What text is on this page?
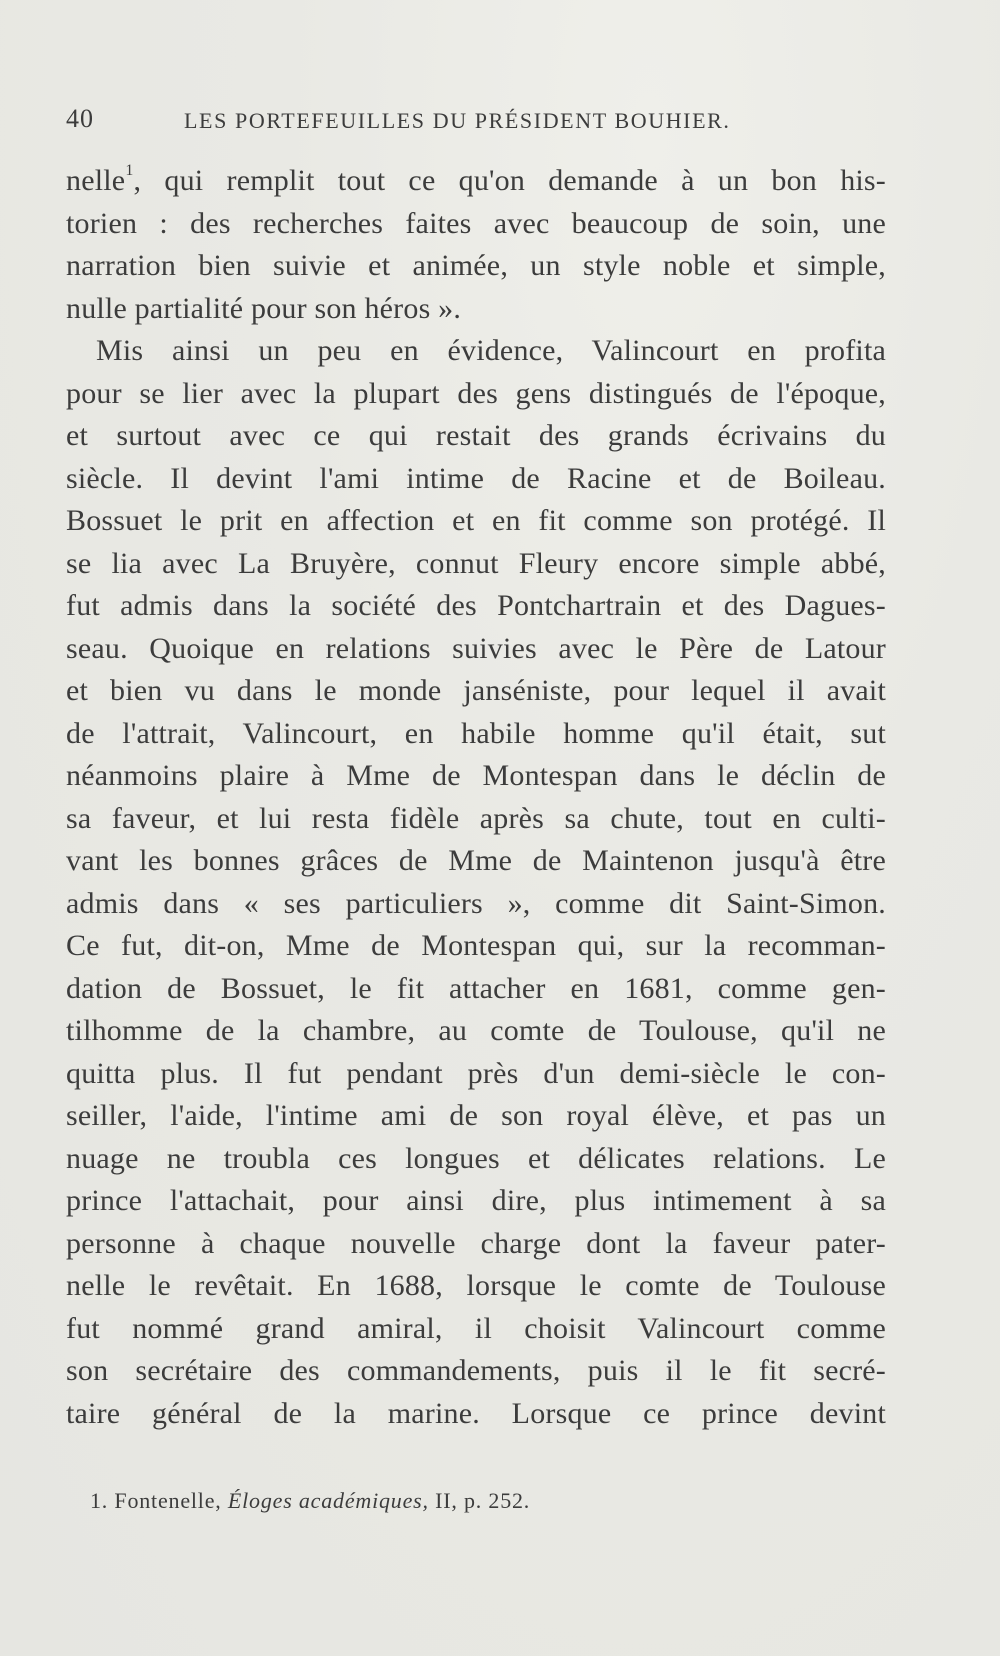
40	LES PORTEFEUILLES DU PRÉSIDENT BOUHIER.
nelle$^1$, qui remplit tout ce qu'on demande à un bon his-
torien : des recherches faites avec beaucoup de soin, une
narration bien suivie et animée, un style noble et simple,
nulle partialité pour son héros ».
Mis ainsi un peu en évidence, Valincourt en profita
pour se lier avec la plupart des gens distingués de l'époque,
et surtout avec ce qui restait des grands écrivains du
siècle. Il devint l'ami intime de Racine et de Boileau.
Bossuet le prit en affection et en fit comme son protégé. Il
se lia avec La Bruyère, connut Fleury encore simple abbé,
fut admis dans la société des Pontchartrain et des Dagues-
seau. Quoique en relations suivies avec le Père de Latour
et bien vu dans le monde janséniste, pour lequel il avait
de l'attrait, Valincourt, en habile homme qu'il était, sut
néanmoins plaire à Mme de Montespan dans le déclin de
sa faveur, et lui resta fidèle après sa chute, tout en culti-
vant les bonnes grâces de Mme de Maintenon jusqu'à être
admis dans « ses particuliers », comme dit Saint-Simon.
Ce fut, dit-on, Mme de Montespan qui, sur la recomman-
dation de Bossuet, le fit attacher en 1681, comme gen-
tilhomme de la chambre, au comte de Toulouse, qu'il ne
quitta plus. Il fut pendant près d'un demi-siècle le con-
seiller, l'aide, l'intime ami de son royal élève, et pas un
nuage ne troubla ces longues et délicates relations. Le
prince l'attachait, pour ainsi dire, plus intimement à sa
personne à chaque nouvelle charge dont la faveur pater-
nelle le revêtait. En 1688, lorsque le comte de Toulouse
fut nommé grand amiral, il choisit Valincourt comme
son secrétaire des commandements, puis il le fit secré-
taire général de la marine. Lorsque ce prince devint
1. Fontenelle, Éloges académiques, II, p. 252.
